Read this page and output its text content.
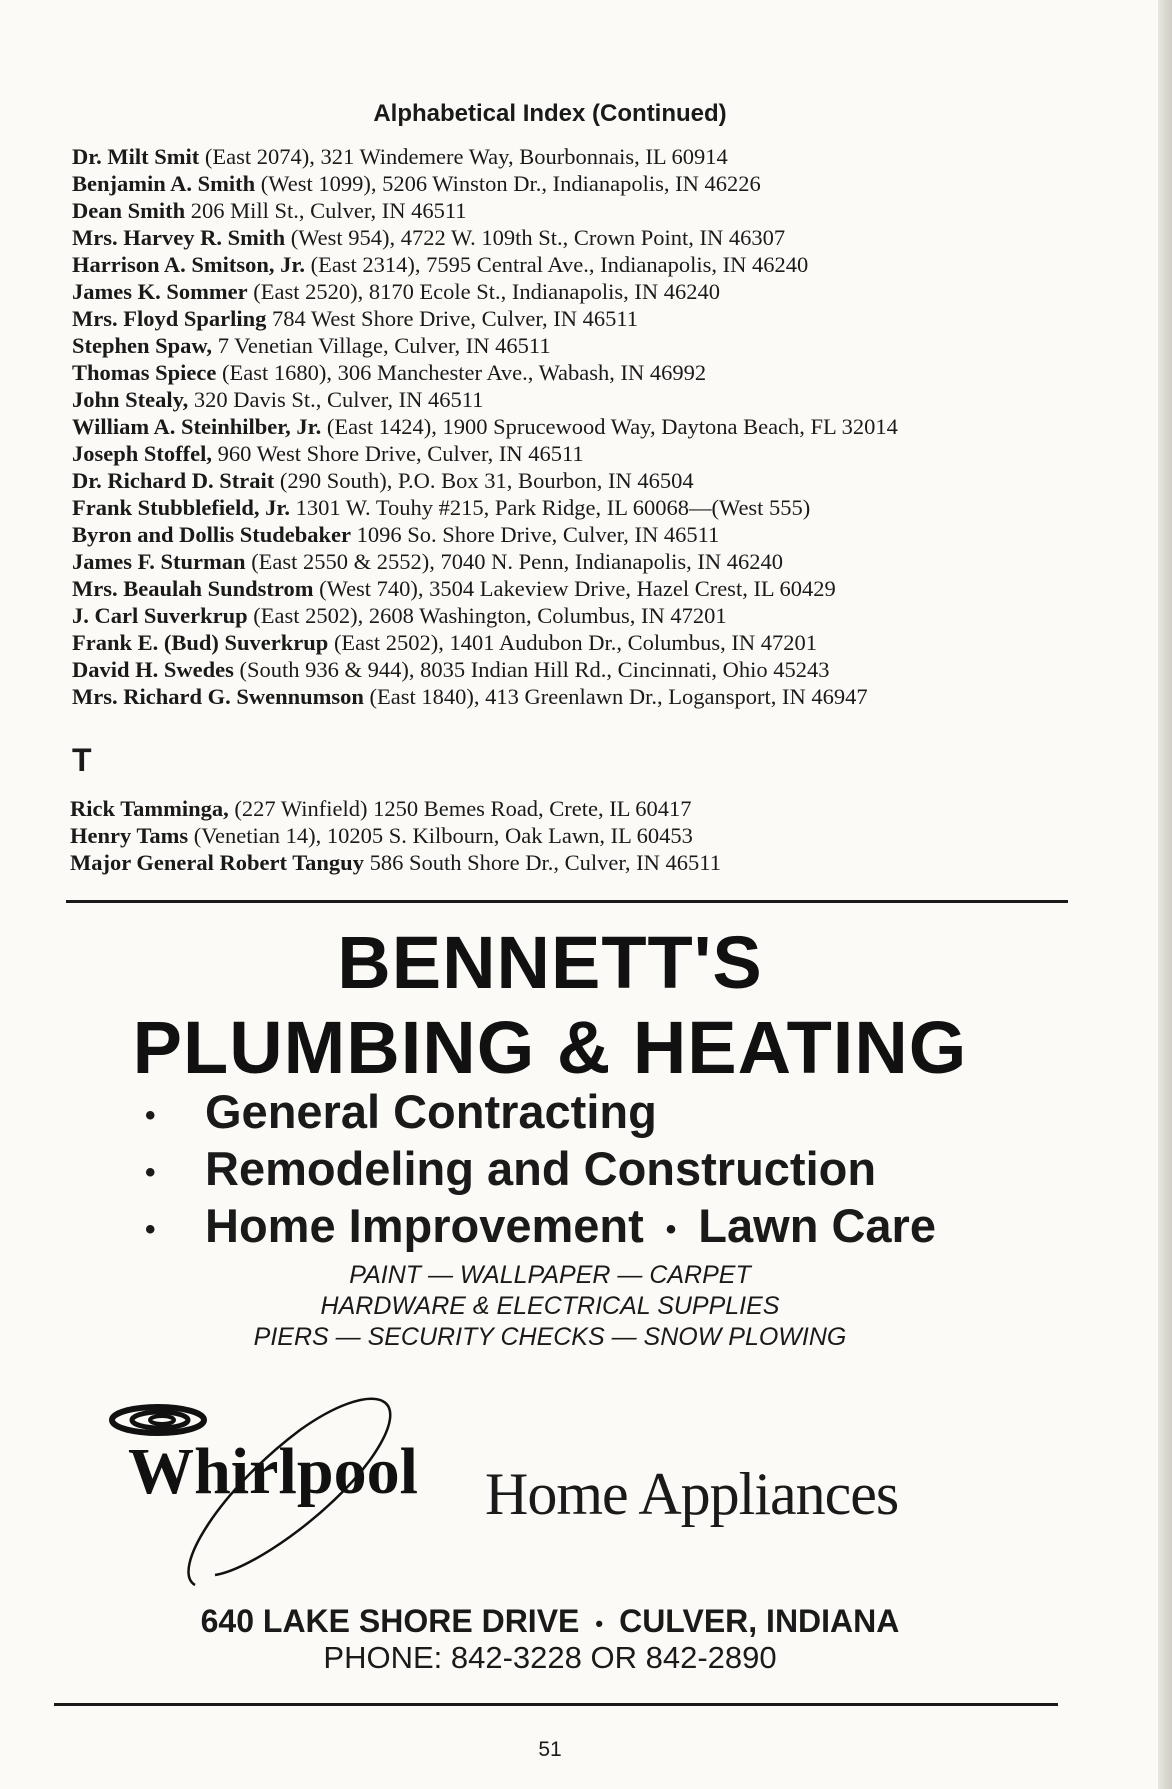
Alphabetical Index (Continued)
Dr. Milt Smit (East 2074), 321 Windemere Way, Bourbonnais, IL 60914
Benjamin A. Smith (West 1099), 5206 Winston Dr., Indianapolis, IN 46226
Dean Smith 206 Mill St., Culver, IN 46511
Mrs. Harvey R. Smith (West 954), 4722 W. 109th St., Crown Point, IN 46307
Harrison A. Smitson, Jr. (East 2314), 7595 Central Ave., Indianapolis, IN 46240
James K. Sommer (East 2520), 8170 Ecole St., Indianapolis, IN 46240
Mrs. Floyd Sparling 784 West Shore Drive, Culver, IN 46511
Stephen Spaw, 7 Venetian Village, Culver, IN 46511
Thomas Spiece (East 1680), 306 Manchester Ave., Wabash, IN 46992
John Stealy, 320 Davis St., Culver, IN 46511
William A. Steinhilber, Jr. (East 1424), 1900 Sprucewood Way, Daytona Beach, FL 32014
Joseph Stoffel, 960 West Shore Drive, Culver, IN 46511
Dr. Richard D. Strait (290 South), P.O. Box 31, Bourbon, IN 46504
Frank Stubblefield, Jr. 1301 W. Touhy #215, Park Ridge, IL 60068—(West 555)
Byron and Dollis Studebaker 1096 So. Shore Drive, Culver, IN 46511
James F. Sturman (East 2550 & 2552), 7040 N. Penn, Indianapolis, IN 46240
Mrs. Beaulah Sundstrom (West 740), 3504 Lakeview Drive, Hazel Crest, IL 60429
J. Carl Suverkrup (East 2502), 2608 Washington, Columbus, IN 47201
Frank E. (Bud) Suverkrup (East 2502), 1401 Audubon Dr., Columbus, IN 47201
David H. Swedes (South 936 & 944), 8035 Indian Hill Rd., Cincinnati, Ohio 45243
Mrs. Richard G. Swennumson (East 1840), 413 Greenlawn Dr., Logansport, IN 46947
T
Rick Tamminga, (227 Winfield) 1250 Bemes Road, Crete, IL 60417
Henry Tams (Venetian 14), 10205 S. Kilbourn, Oak Lawn, IL 60453
Major General Robert Tanguy 586 South Shore Dr., Culver, IN 46511
BENNETT'S
PLUMBING & HEATING
• General Contracting
• Remodeling and Construction
• Home Improvement • Lawn Care
PAINT — WALLPAPER — CARPET
HARDWARE & ELECTRICAL SUPPLIES
PIERS — SECURITY CHECKS — SNOW PLOWING
Whirlpool Home Appliances
640 LAKE SHORE DRIVE • CULVER, INDIANA
PHONE: 842-3228 OR 842-2890
51
